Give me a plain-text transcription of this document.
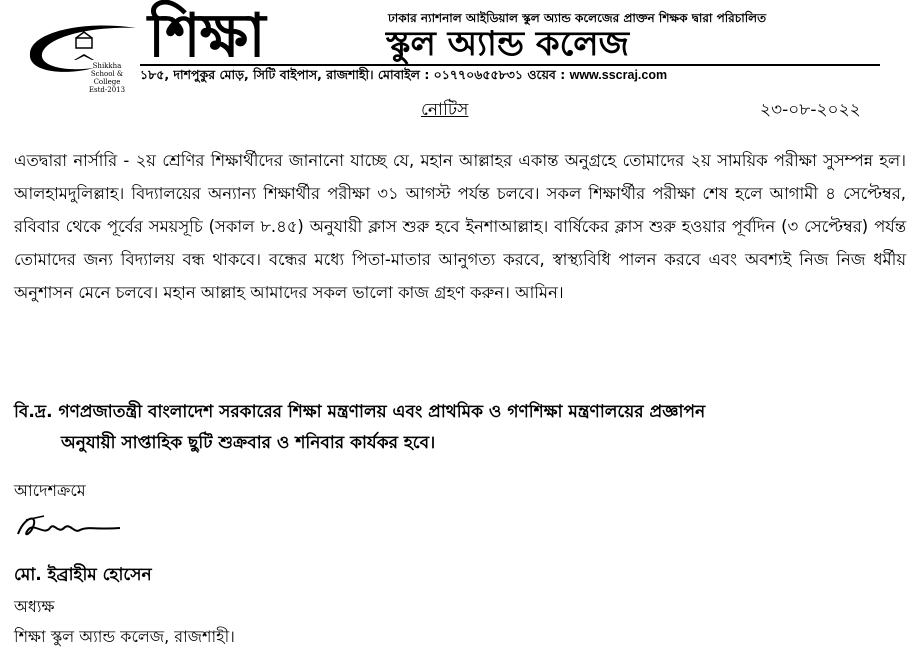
Shikkha
School & College
Estd-2013
শিক্ষা	ঢাকার ন্যাশনাল আইডিয়াল স্কুল অ্যান্ড কলেজের প্রাক্তন শিক্ষক দ্বারা পরিচালিত
স্কুল অ্যান্ড কলেজ
১৮৫, দাশপুকুর মোড়, সিটি বাইপাস, রাজশাহী। মোবাইল : ০১৭৭০৬৫৫৮৩১ ওয়েব : www.sscraj.com
নোটিস	২৩-০৮-২০২২

এতদ্বারা নার্সারি - ২য় শ্রেণির শিক্ষার্থীদের জানানো যাচ্ছে যে, মহান আল্লাহর একান্ত অনুগ্রহে তোমাদের ২য় সাময়িক পরীক্ষা সুসম্পন্ন হল। আলহামদুলিল্লাহ। বিদ্যালয়ের অন্যান্য শিক্ষার্থীর পরীক্ষা ৩১ আগস্ট পর্যন্ত চলবে। সকল শিক্ষার্থীর পরীক্ষা শেষ হলে আগামী ৪ সেপ্টেম্বর, রবিবার থেকে পূর্বের সময়সূচি (সকাল ৮.৪৫) অনুযায়ী ক্লাস শুরু হবে ইনশাআল্লাহ। বার্ষিকের ক্লাস শুরু হওয়ার পূর্বদিন (৩ সেপ্টেম্বর) পর্যন্ত তোমাদের জন্য বিদ্যালয় বন্ধ থাকবে। বন্ধের মধ্যে পিতা-মাতার আনুগত্য করবে, স্বাস্থ্যবিধি পালন করবে এবং অবশ্যই নিজ নিজ ধর্মীয় অনুশাসন মেনে চলবে। মহান আল্লাহ আমাদের সকল ভালো কাজ গ্রহণ করুন। আমিন।

বি.দ্র. গণপ্রজাতন্ত্রী বাংলাদেশ সরকারের শিক্ষা মন্ত্রণালয় এবং প্রাথমিক ও গণশিক্ষা মন্ত্রণালয়ের প্রজ্ঞাপন
অনুযায়ী সাপ্তাহিক ছুটি শুক্রবার ও শনিবার কার্যকর হবে।

আদেশক্রমে
মো. ইব্রাহীম হোসেন
অধ্যক্ষ
শিক্ষা স্কুল অ্যান্ড কলেজ, রাজশাহী।
